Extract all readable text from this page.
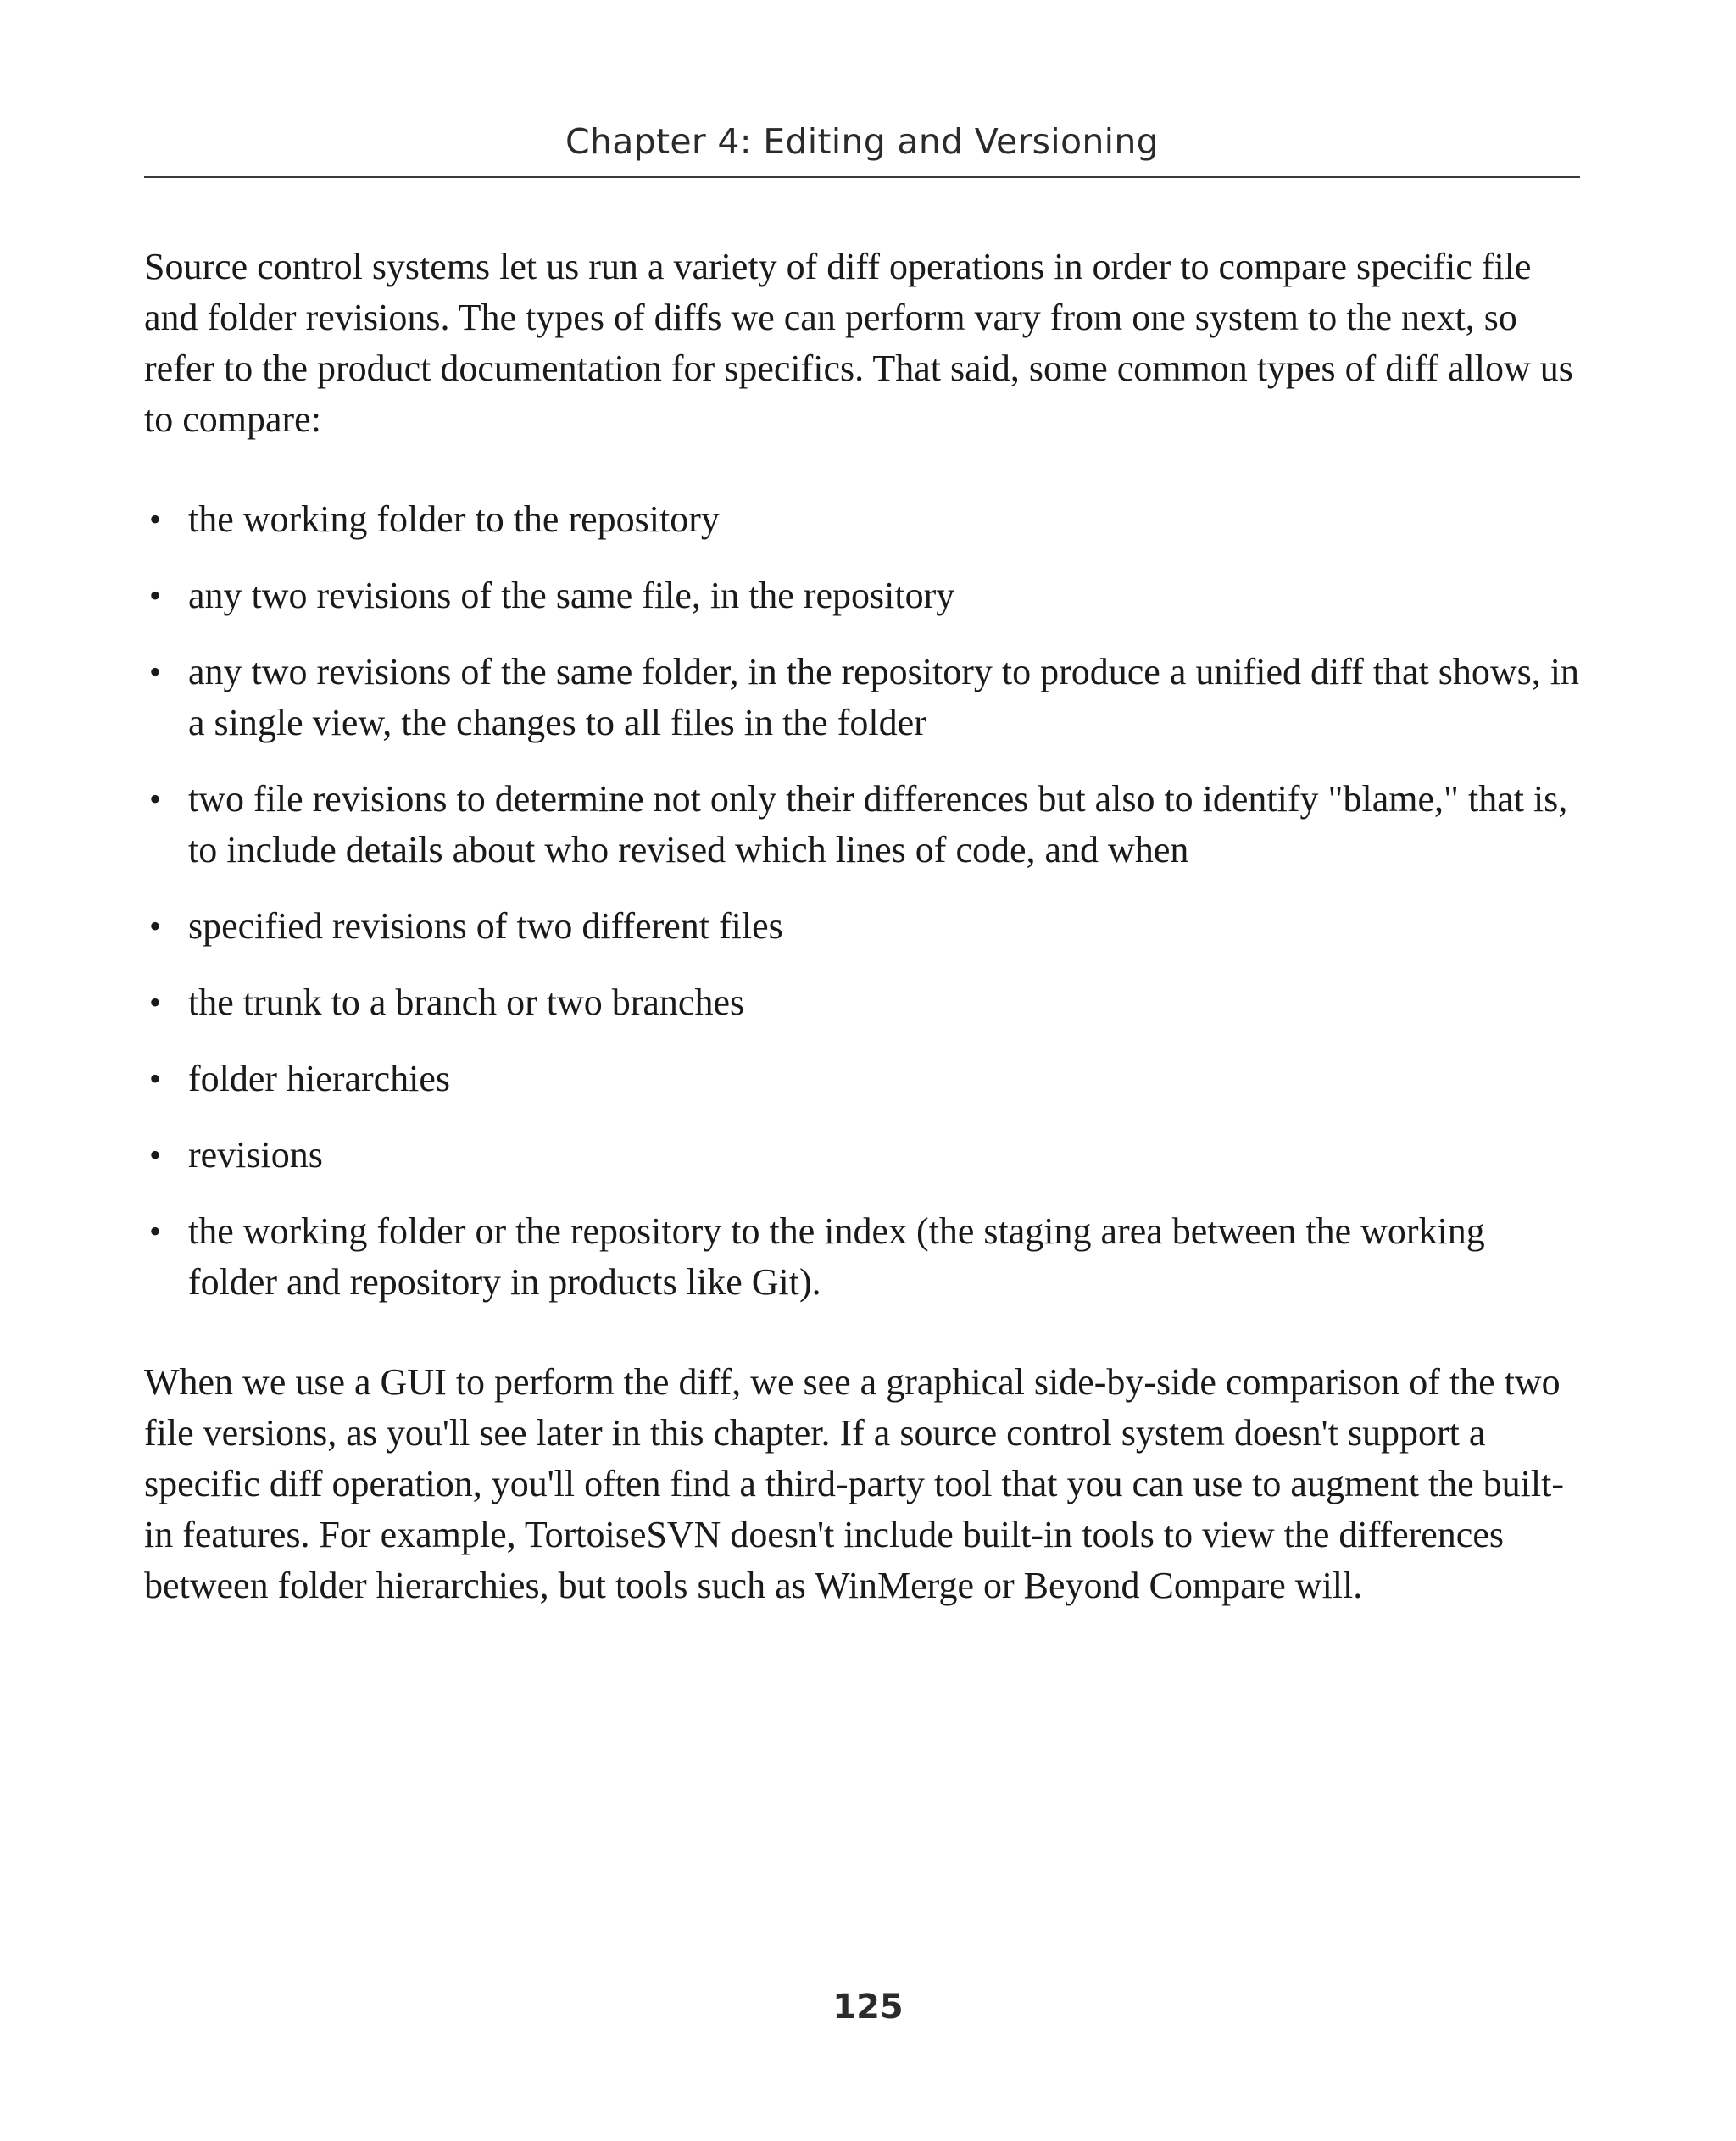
Chapter 4: Editing and Versioning

Source control systems let us run a variety of diff operations in order to compare specific file and folder revisions. The types of diffs we can perform vary from one system to the next, so refer to the product documentation for specifics. That said, some common types of diff allow us to compare:

• the working folder to the repository
• any two revisions of the same file, in the repository
• any two revisions of the same folder, in the repository to produce a unified diff that shows, in a single view, the changes to all files in the folder
• two file revisions to determine not only their differences but also to identify "blame," that is, to include details about who revised which lines of code, and when
• specified revisions of two different files
• the trunk to a branch or two branches
• folder hierarchies
• revisions
• the working folder or the repository to the index (the staging area between the working folder and repository in products like Git).

When we use a GUI to perform the diff, we see a graphical side-by-side comparison of the two file versions, as you'll see later in this chapter. If a source control system doesn't support a specific diff operation, you'll often find a third-party tool that you can use to augment the built-in features. For example, TortoiseSVN doesn't include built-in tools to view the differences between folder hierarchies, but tools such as WinMerge or Beyond Compare will.

125
